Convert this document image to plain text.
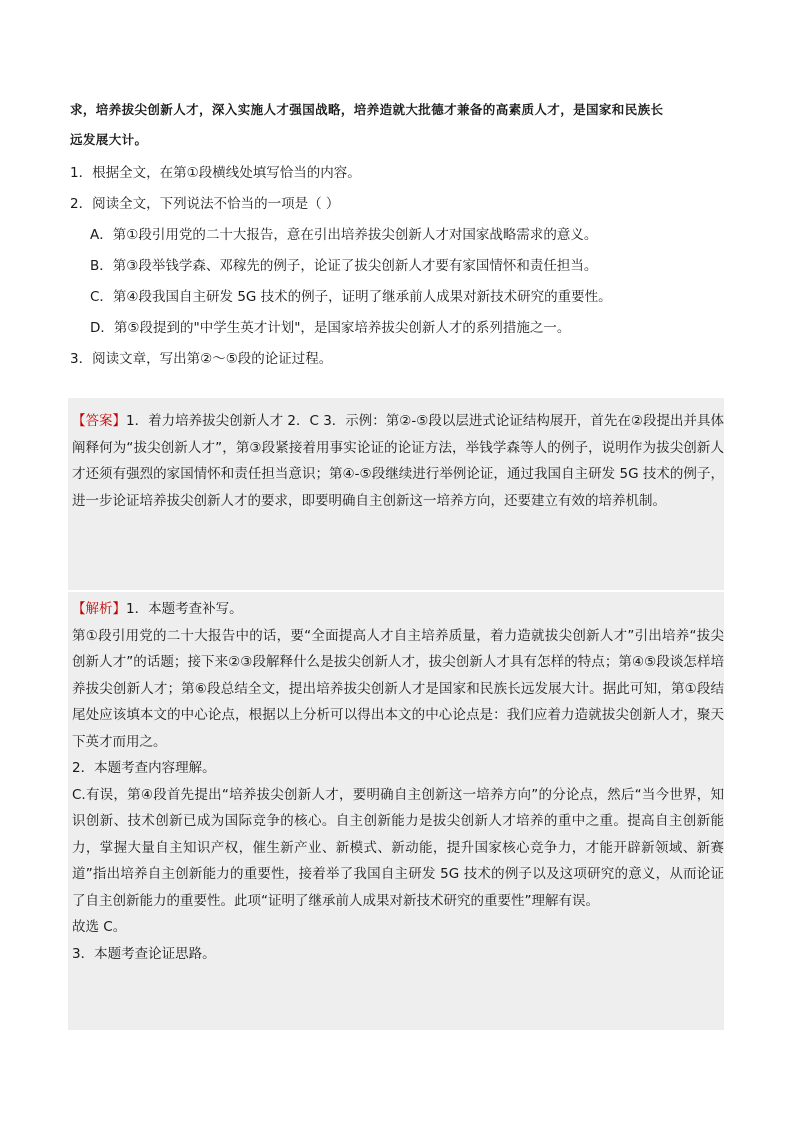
求，培养拔尖创新人才，深入实施人才强国战略，培养造就大批德才兼备的高素质人才，是国家和民族长
远发展大计。
1．根据全文，在第①段横线处填写恰当的内容。
2．阅读全文，下列说法不恰当的一项是（ ）
A．第①段引用党的二十大报告，意在引出培养拔尖创新人才对国家战略需求的意义。
B．第③段举钱学森、邓稼先的例子，论证了拔尖创新人才要有家国情怀和责任担当。
C．第④段我国自主研发 5G 技术的例子，证明了继承前人成果对新技术研究的重要性。
D．第⑤段提到的"中学生英才计划"，是国家培养拔尖创新人才的系列措施之一。
3．阅读文章，写出第②～⑤段的论证过程。

【答案】1．着力培养拔尖创新人才 2．C 3．示例：第②-⑤段以层进式论证结构展开，首先在②段提出并具体阐释何为“拔尖创新人才”，第③段紧接着用事实论证的论证方法，举钱学森等人的例子，说明作为拔尖创新人才还须有强烈的家国情怀和责任担当意识；第④-⑤段继续进行举例论证，通过我国自主研发 5G 技术的例子，进一步论证培养拔尖创新人才的要求，即要明确自主创新这一培养方向，还要建立有效的培养机制。

【解析】1．本题考查补写。

第①段引用党的二十大报告中的话，要“全面提高人才自主培养质量，着力造就拔尖创新人才”引出培养“拔尖创新人才”的话题；接下来②③段解释什么是拔尖创新人才，拔尖创新人才具有怎样的特点；第④⑤段谈怎样培养拔尖创新人才；第⑥段总结全文，提出培养拔尖创新人才是国家和民族长远发展大计。据此可知，第①段结尾处应该填本文的中心论点，根据以上分析可以得出本文的中心论点是：我们应着力造就拔尖创新人才，聚天下英才而用之。

2．本题考查内容理解。

C.有误，第④段首先提出“培养拔尖创新人才，要明确自主创新这一培养方向”的分论点，然后“当今世界，知识创新、技术创新已成为国际竞争的核心。自主创新能力是拔尖创新人才培养的重中之重。提高自主创新能力，掌握大量自主知识产权，催生新产业、新模式、新动能，提升国家核心竞争力，才能开辟新领域、新赛道”指出培养自主创新能力的重要性，接着举了我国自主研发 5G 技术的例子以及这项研究的意义，从而论证了自主创新能力的重要性。此项“证明了继承前人成果对新技术研究的重要性”理解有误。

故选 C。

3．本题考查论证思路。
